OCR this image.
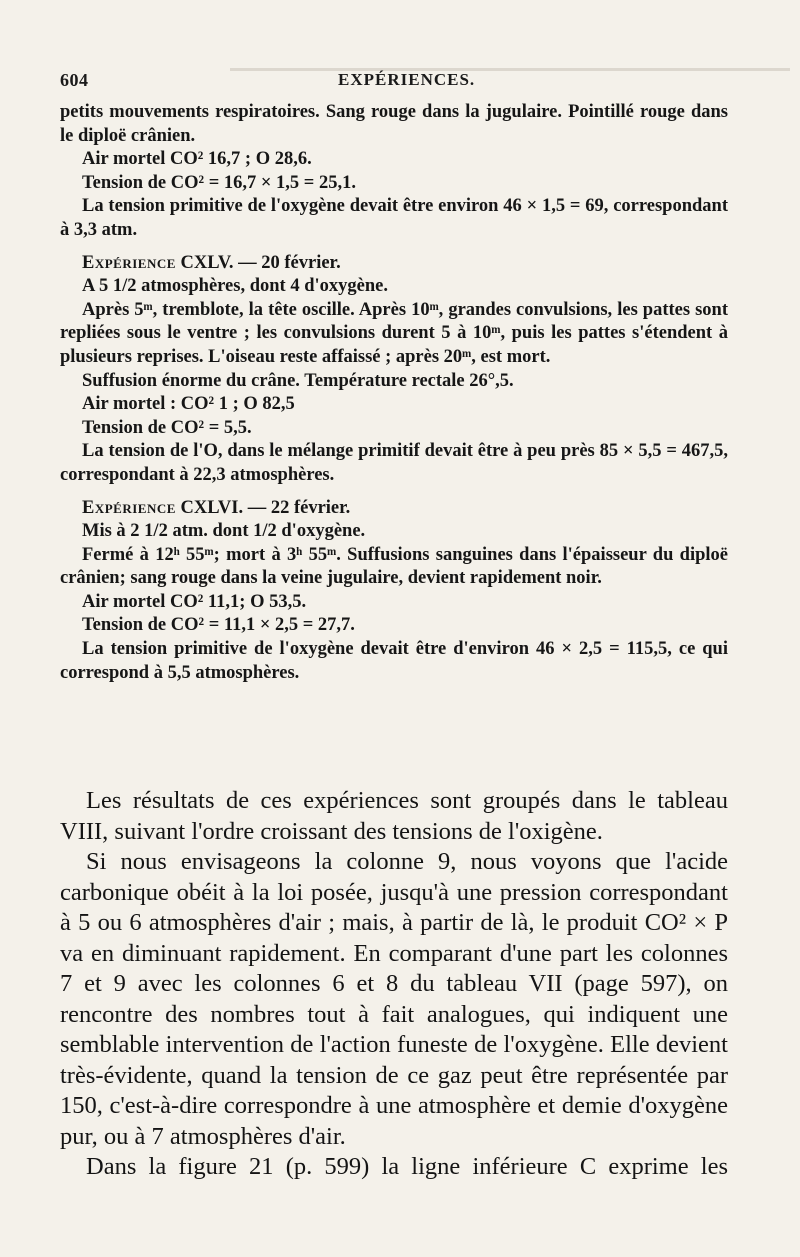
604	EXPÉRIENCES.

petits mouvements respiratoires. Sang rouge dans la jugulaire. Pointillé rouge dans le diploë crânien.

Air mortel CO² 16,7 ; O 28,6.

Tension de CO² = 16,7 × 1,5 = 25,1.

La tension primitive de l'oxygène devait être environ 46 × 1,5 = 69, correspondant à 3,3 atm.

Expérience CXLV. — 20 février.

A 5 1/2 atmosphères, dont 4 d'oxygène.

Après 5ᵐ, tremblote, la tête oscille. Après 10ᵐ, grandes convulsions, les pattes sont repliées sous le ventre ; les convulsions durent 5 à 10ᵐ, puis les pattes s'étendent à plusieurs reprises. L'oiseau reste affaissé ; après 20ᵐ, est mort.

Suffusion énorme du crâne. Température rectale 26°,5.

Air mortel : CO² 1 ; O 82,5

Tension de CO² = 5,5.

La tension de l'O, dans le mélange primitif devait être à peu près 85 × 5,5 = 467,5, correspondant à 22,3 atmosphères.

Expérience CXLVI. — 22 février.

Mis à 2 1/2 atm. dont 1/2 d'oxygène.

Fermé à 12ʰ 55ᵐ; mort à 3ʰ 55ᵐ. Suffusions sanguines dans l'épaisseur du diploë crânien; sang rouge dans la veine jugulaire, devient rapidement noir.

Air mortel CO² 11,1; O 53,5.

Tension de CO² = 11,1 × 2,5 = 27,7.

La tension primitive de l'oxygène devait être d'environ 46 × 2,5 = 115,5, ce qui correspond à 5,5 atmosphères.

Les résultats de ces expériences sont groupés dans le tableau VIII, suivant l'ordre croissant des tensions de l'oxigène.

Si nous envisageons la colonne 9, nous voyons que l'acide carbonique obéit à la loi posée, jusqu'à une pression correspondant à 5 ou 6 atmosphères d'air ; mais, à partir de là, le produit CO² × P va en diminuant rapidement. En comparant d'une part les colonnes 7 et 9 avec les colonnes 6 et 8 du tableau VII (page 597), on rencontre des nombres tout à fait analogues, qui indiquent une semblable intervention de l'action funeste de l'oxygène. Elle devient très-évidente, quand la tension de ce gaz peut être représentée par 150, c'est-à-dire correspondre à une atmosphère et demie d'oxygène pur, ou à 7 atmosphères d'air.

Dans la figure 21 (p. 599) la ligne inférieure C exprime les
